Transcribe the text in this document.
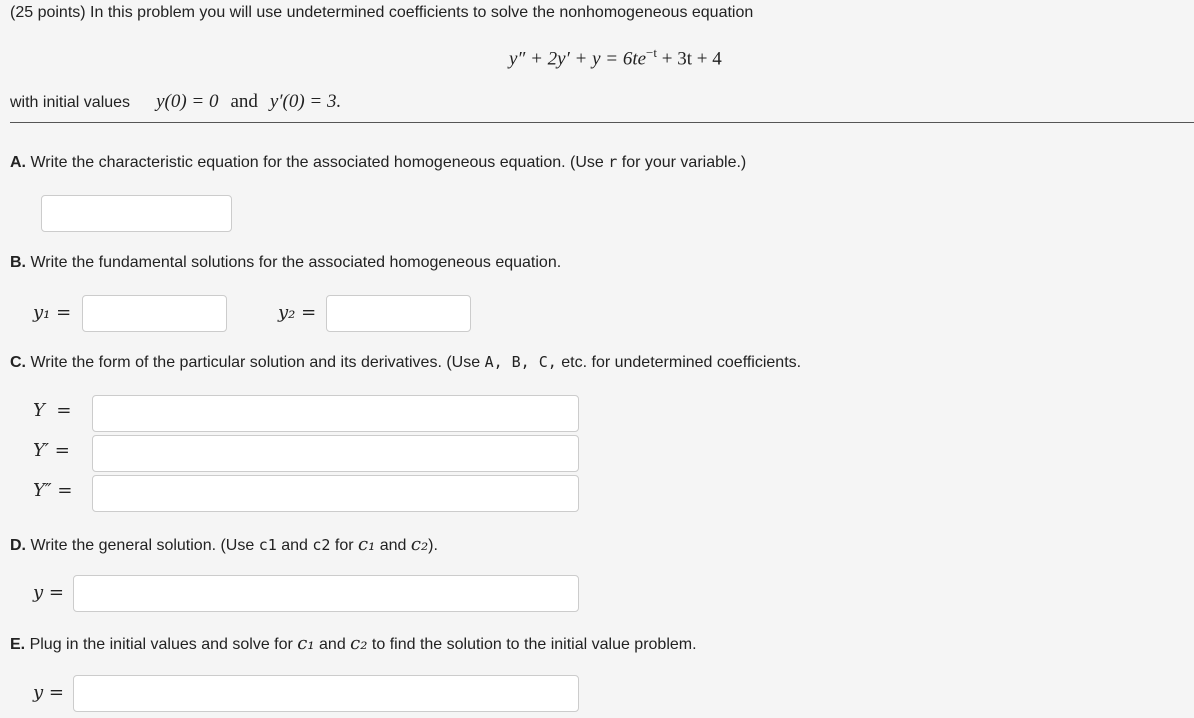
(25 points) In this problem you will use undetermined coefficients to solve the nonhomogeneous equation
$y'' + 2y' + y = 6te^{-t} + 3t + 4$
with initial values y(0) = 0 and y′(0) = 3.
A. Write the characteristic equation for the associated homogeneous equation. (Use r for your variable.)
B. Write the fundamental solutions for the associated homogeneous equation.
y₁ =	y₂ =
C. Write the form of the particular solution and its derivatives. (Use A, B, C, etc. for undetermined coefficients.
Y  =
Y′ =
Y″ =
D. Write the general solution. (Use c1 and c2 for c₁ and c₂).
y =
E. Plug in the initial values and solve for c₁ and c₂ to find the solution to the initial value problem.
y =
